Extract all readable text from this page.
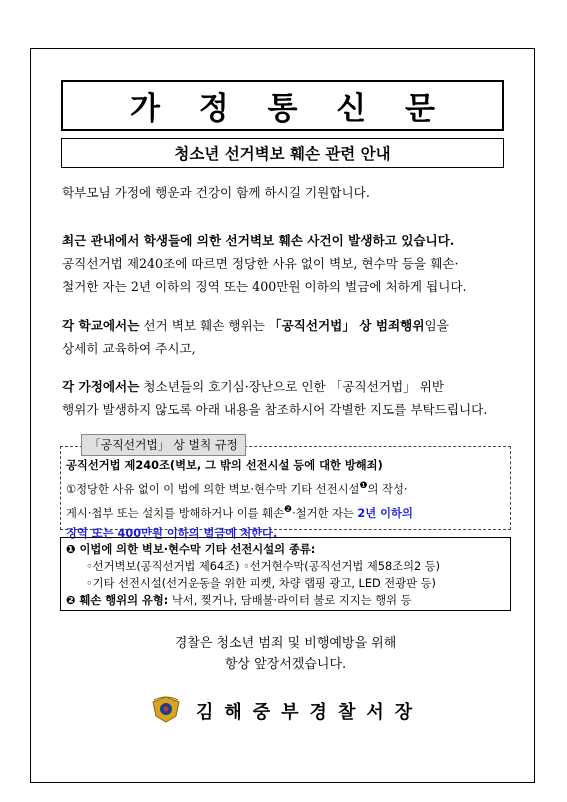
가 정 통 신 문
청소년 선거벽보 훼손 관련 안내
학부모님 가정에 행운과 건강이 함께 하시길 기원합니다.
최근 관내에서 학생들에 의한 선거벽보 훼손 사건이 발생하고 있습니다.
공직선거법 제240조에 따르면 정당한 사유 없이 벽보, 현수막 등을 훼손·
철거한 자는 2년 이하의 징역 또는 400만원 이하의 벌금에 처하게 됩니다.
각 학교에서는 선거 벽보 훼손 행위는 「공직선거법」 상 범죄행위임을
상세히 교육하여 주시고,
각 가정에서는 청소년들의 호기심·장난으로 인한 「공직선거법」 위반
행위가 발생하지 않도록 아래 내용을 참조하시어 각별한 지도를 부탁드립니다.
「공직선거법」 상 벌칙 규정
공직선거법 제240조(벽보, 그 밖의 선전시설 등에 대한 방해죄)
①정당한 사유 없이 이 법에 의한 벽보·현수막 기타 선전시설$^❶$의 작성·
게시·첩부 또는 설치를 방해하거나 이를 훼손$^❷$·철거한 자는 2년 이하의
징역 또는 400만원 이하의 벌금에 처한다.
❶ 이법에 의한 벽보·현수막 기타 선전시설의 종류:
◦선거벽보(공직선거법 제64조) ◦선거현수막(공직선거법 제58조의2 등)
◦기타 선전시설(선거운동을 위한 피켓, 차량 랩핑 광고, LED 전광판 등)
❷ 훼손 행위의 유형: 낙서, 찢거나, 담배불·라이터 불로 지지는 행위 등
경찰은 청소년 범죄 및 비행예방을 위해
항상 앞장서겠습니다.
김해중부경찰서장
